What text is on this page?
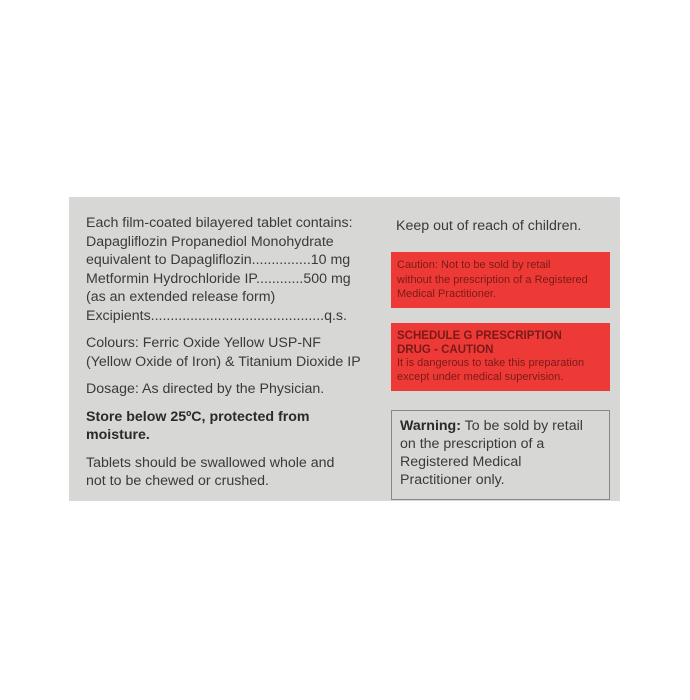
Each film-coated bilayered tablet contains:
Dapagliflozin Propanediol Monohydrate
equivalent to Dapagliflozin...............10 mg
Metformin Hydrochloride IP............500 mg
(as an extended release form)
Excipients............................................q.s.
Colours: Ferric Oxide Yellow USP-NF
(Yellow Oxide of Iron) & Titanium Dioxide IP
Dosage: As directed by the Physician.
Store below 25ºC, protected from
moisture.
Tablets should be swallowed whole and
not to be chewed or crushed.
Keep out of reach of children.
Caution: Not to be sold by retail
without the prescription of a Registered
Medical Practitioner.
SCHEDULE G PRESCRIPTION
DRUG - CAUTION
It is dangerous to take this preparation
except under medical supervision.
Warning: To be sold by retail
on the prescription of a
Registered Medical
Practitioner only.
